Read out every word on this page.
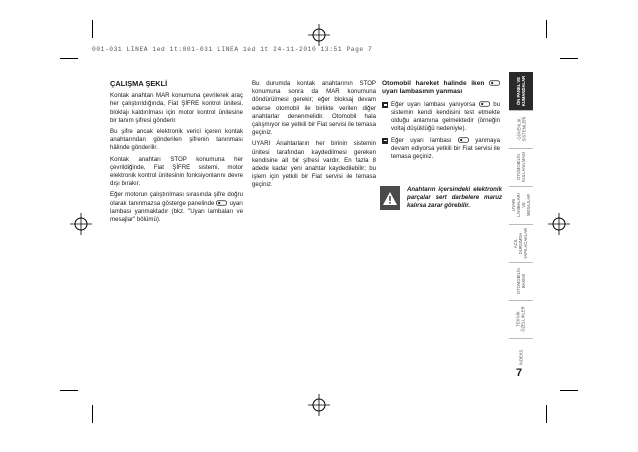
001-031 LINEA 1ed 1t:001-031 LINEA 1ed 1t 24-11-2010 13:51 Page 7
ÇALIŞMA ŞEKLİ

Kontak anahtarı MAR konumuna çevrilerek araç her çalıştırıldığında, Fiat ŞİFRE kontrol ünitesi, bloklajı kaldırılması için motor kontrol ünitesine bir tanım şifresi gönderir.

Bu şifre ancak elektronik verici içeren kontak anahtarından gönderilen şifrenin tanınması hâlinde gönderilir.

Kontak anahtarı STOP konumuna her çevrildiğinde, Fiat ŞİFRE sistemi, motor elektronik kontrol ünitesinin fonksiyonlarını devre dışı bırakır.

Eğer motorun çalıştırılması sırasında şifre doğru olarak tanınmazsa gösterge panelinde uyarı lambası yanmaktadır (bkz. "Uyarı lambaları ve mesajlar" bölümü).

Bu durumda kontak anahtarının STOP konumuna sonra da MAR konumuna döndürülmesi gerekir; eğer bloksaj devam ederse otomobil ile birlikte verilen diğer anahtarlar denenmelidir. Otomobil hala çalışmıyor ise yetkili bir Fiat servisi ile temasa geçiniz.

UYARI Anahtarların her birinin sistemin ünitesi tarafından kaydedilmesi gereken kendisine ait bir şifresi vardır. En fazla 8 adede kadar yeni anahtar kaydedilebilir; bu işlem için yetkili bir Fiat servisi ile temasa geçiniz.

Otomobil hareket halinde iken  uyarı lambasının yanması
Eğer uyarı lambası yanıyorsa	bu sistemin kendi kendisini test etmekte olduğu anlamına gelmektedir (örneğin voltaj düşüklüğü nedeniyle).
Eğer uyarı lambası	yanmaya devam ediyorsa yetkili bir Fiat servisi ile temasa geçiniz.
Anahtarın içersindeki elektronik parçalar sert darbelere maruz kalırsa zarar görebilir.
ÖN PANEL VE
KUMANDALAR
GÜVENLİK
SİSTEMLERİ
OTOMOBİLİN
KULLANILMASI
UYARI
LAMBALARI
VE MESAJLAR
ACİL
DURUMDA
YAPILACAKLAR
OTOMOBİLİN
BAKIMI
TEKNİK
ÖZELLİKLER
İNDEKS
7
